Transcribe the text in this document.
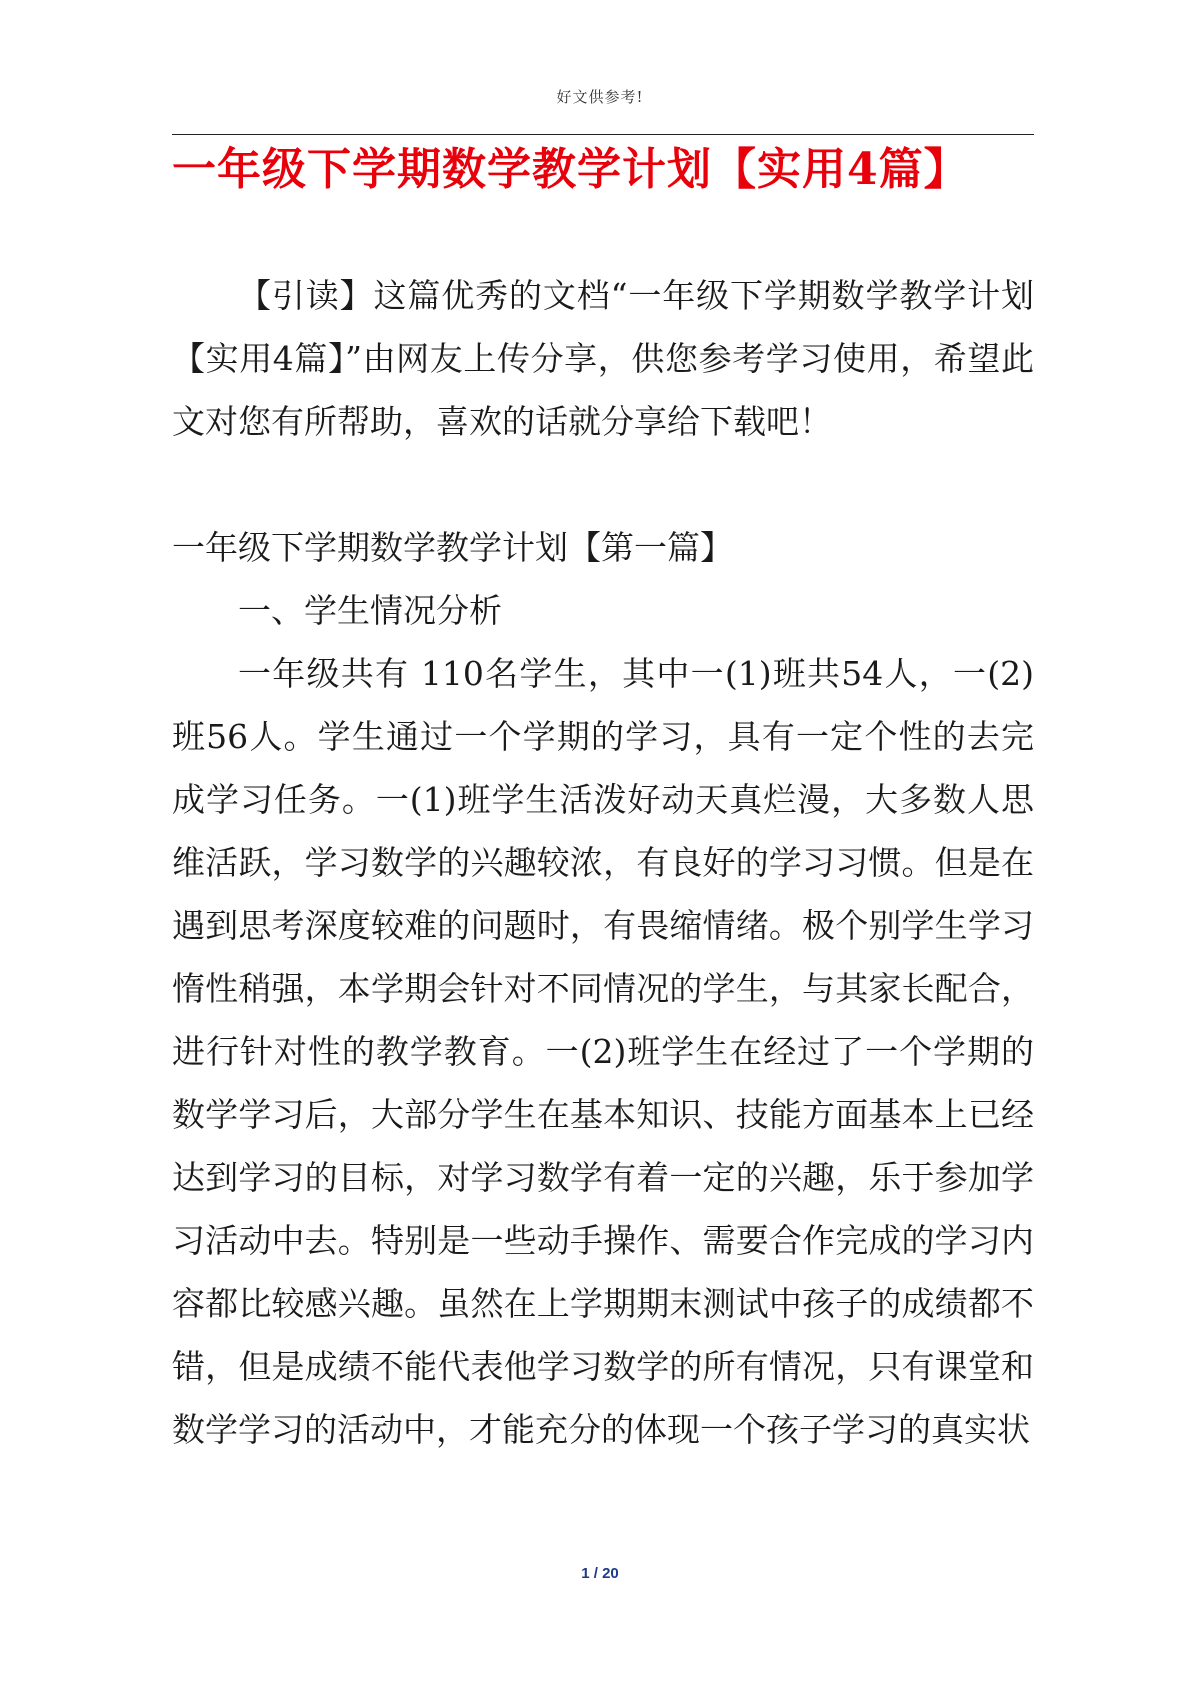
好文供参考!
一年级下学期数学教学计划【实用4篇】

【引读】这篇优秀的文档“一年级下学期数学教学计划【实用4篇】”由网友上传分享，供您参考学习使用，希望此文对您有所帮助，喜欢的话就分享给下载吧！

一年级下学期数学教学计划【第一篇】

一、学生情况分析

一年级共有 110名学生，其中一(1)班共54人，一(2)班56人。学生通过一个学期的学习，具有一定个性的去完成学习任务。一(1)班学生活泼好动天真烂漫，大多数人思维活跃，学习数学的兴趣较浓，有良好的学习习惯。但是在遇到思考深度较难的问题时，有畏缩情绪。极个别学生学习惰性稍强，本学期会针对不同情况的学生，与其家长配合，进行针对性的教学教育。一(2)班学生在经过了一个学期的数学学习后，大部分学生在基本知识、技能方面基本上已经达到学习的目标，对学习数学有着一定的兴趣，乐于参加学习活动中去。特别是一些动手操作、需要合作完成的学习内容都比较感兴趣。虽然在上学期期末测试中孩子的成绩都不错，但是成绩不能代表他学习数学的所有情况，只有课堂和数学学习的活动中，才能充分的体现一个孩子学习的真实状

1 / 20
